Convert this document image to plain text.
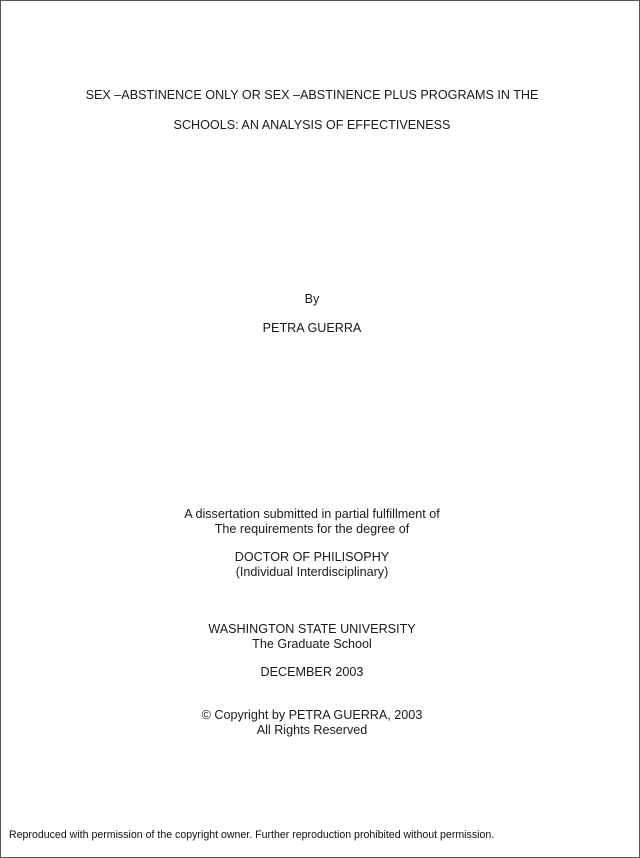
SEX –ABSTINENCE ONLY OR SEX –ABSTINENCE PLUS PROGRAMS IN THE
SCHOOLS: AN ANALYSIS OF EFFECTIVENESS
By
PETRA GUERRA
A dissertation submitted in partial fulfillment of
The requirements for the degree of
DOCTOR OF PHILISOPHY
(Individual Interdisciplinary)
WASHINGTON STATE UNIVERSITY
The Graduate School
DECEMBER 2003
© Copyright by PETRA GUERRA, 2003
All Rights Reserved
Reproduced with permission of the copyright owner. Further reproduction prohibited without permission.
